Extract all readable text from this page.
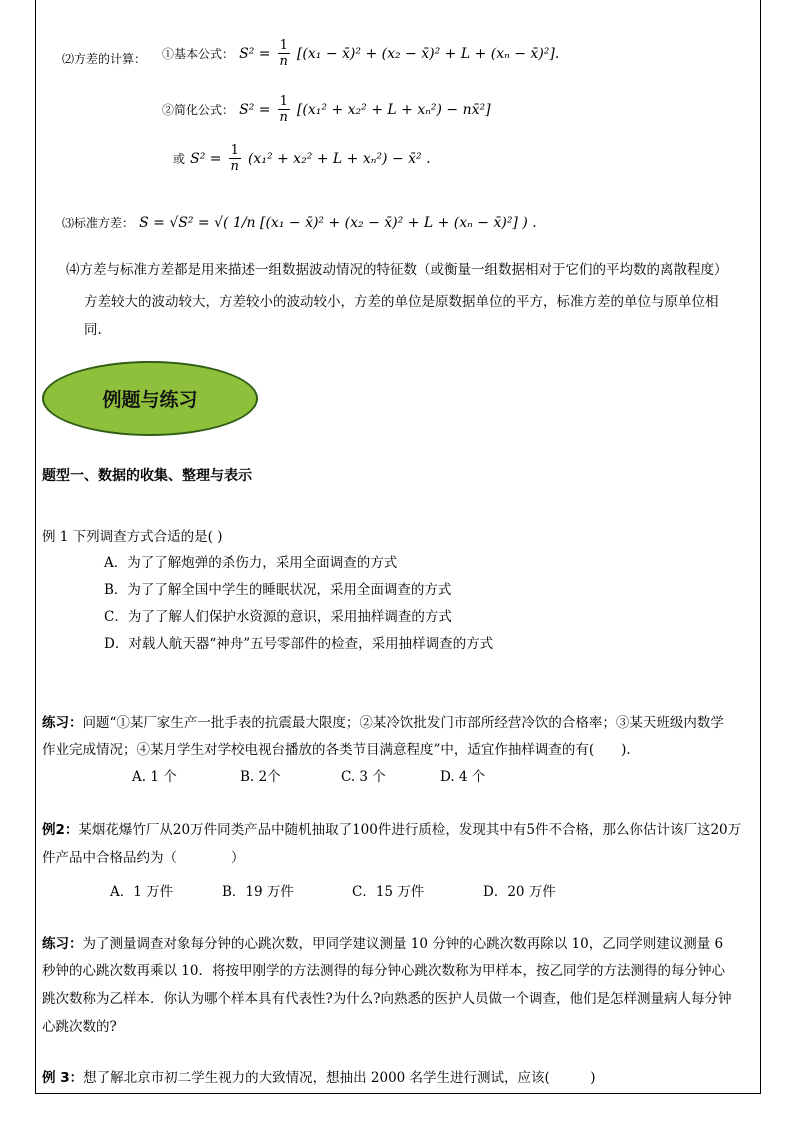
⑵方差的计算： ①基本公式： $S^2 = \frac{1}{n} [(x_1$ − x̄)² + (x₂ − x̄)² + L + (xₙ − x̄)²].
②简化公式： $S^2 = \frac{1}{n} [(x_1^2 + x_2^2 + L + x_n^2)$ − nx̄²]
或 $S^2 = \frac{1}{n} (x_1^2 + x_2^2 + L + x_n^2)$ − x̄² .
⑶标准方差： S = √S² = √( 1/n [(x₁ − x̄)² + (x₂ − x̄)² + L + (xₙ − x̄)²] ) .
⑷方差与标准方差都是用来描述一组数据波动情况的特征数（或衡量一组数据相对于它们的平均数的离散程度）
方差较大的波动较大，方差较小的波动较小，方差的单位是原数据单位的平方，标准方差的单位与原单位相
同.
例题与练习
题型一、数据的收集、整理与表示
例 1 下列调查方式合适的是( )
A．为了了解炮弹的杀伤力，采用全面调查的方式
B．为了了解全国中学生的睡眠状况，采用全面调查的方式
C．为了了解人们保护水资源的意识，采用抽样调查的方式
D．对载人航天器“神舟”五号零部件的检查，采用抽样调查的方式
练习：问题“①某厂家生产一批手表的抗震最大限度；②某冷饮批发门市部所经营冷饮的合格率；③某天班级内数学
作业完成情况；④某月学生对学校电视台播放的各类节目满意程度”中，适宜作抽样调查的有(　　).
A. 1 个	B. 2个	C. 3 个	D. 4 个
例2：某烟花爆竹厂从20万件同类产品中随机抽取了100件进行质检，发现其中有5件不合格，那么你估计该厂这20万
件产品中合格品约为（　　　　）
A．1 万件	B．19 万件	C．15 万件	D．20 万件
练习：为了测量调查对象每分钟的心跳次数，甲同学建议测量 10 分钟的心跳次数再除以 10，乙同学则建议测量 6
秒钟的心跳次数再乘以 10．将按甲刚学的方法测得的每分钟心跳次数称为甲样本，按乙同学的方法测得的每分钟心
跳次数称为乙样本．你认为哪个样本具有代表性?为什么?向熟悉的医护人员做一个调查，他们是怎样测量病人每分钟
心跳次数的?
例 3：想了解北京市初二学生视力的大致情况，想抽出 2000 名学生进行测试，应该(　　　)
